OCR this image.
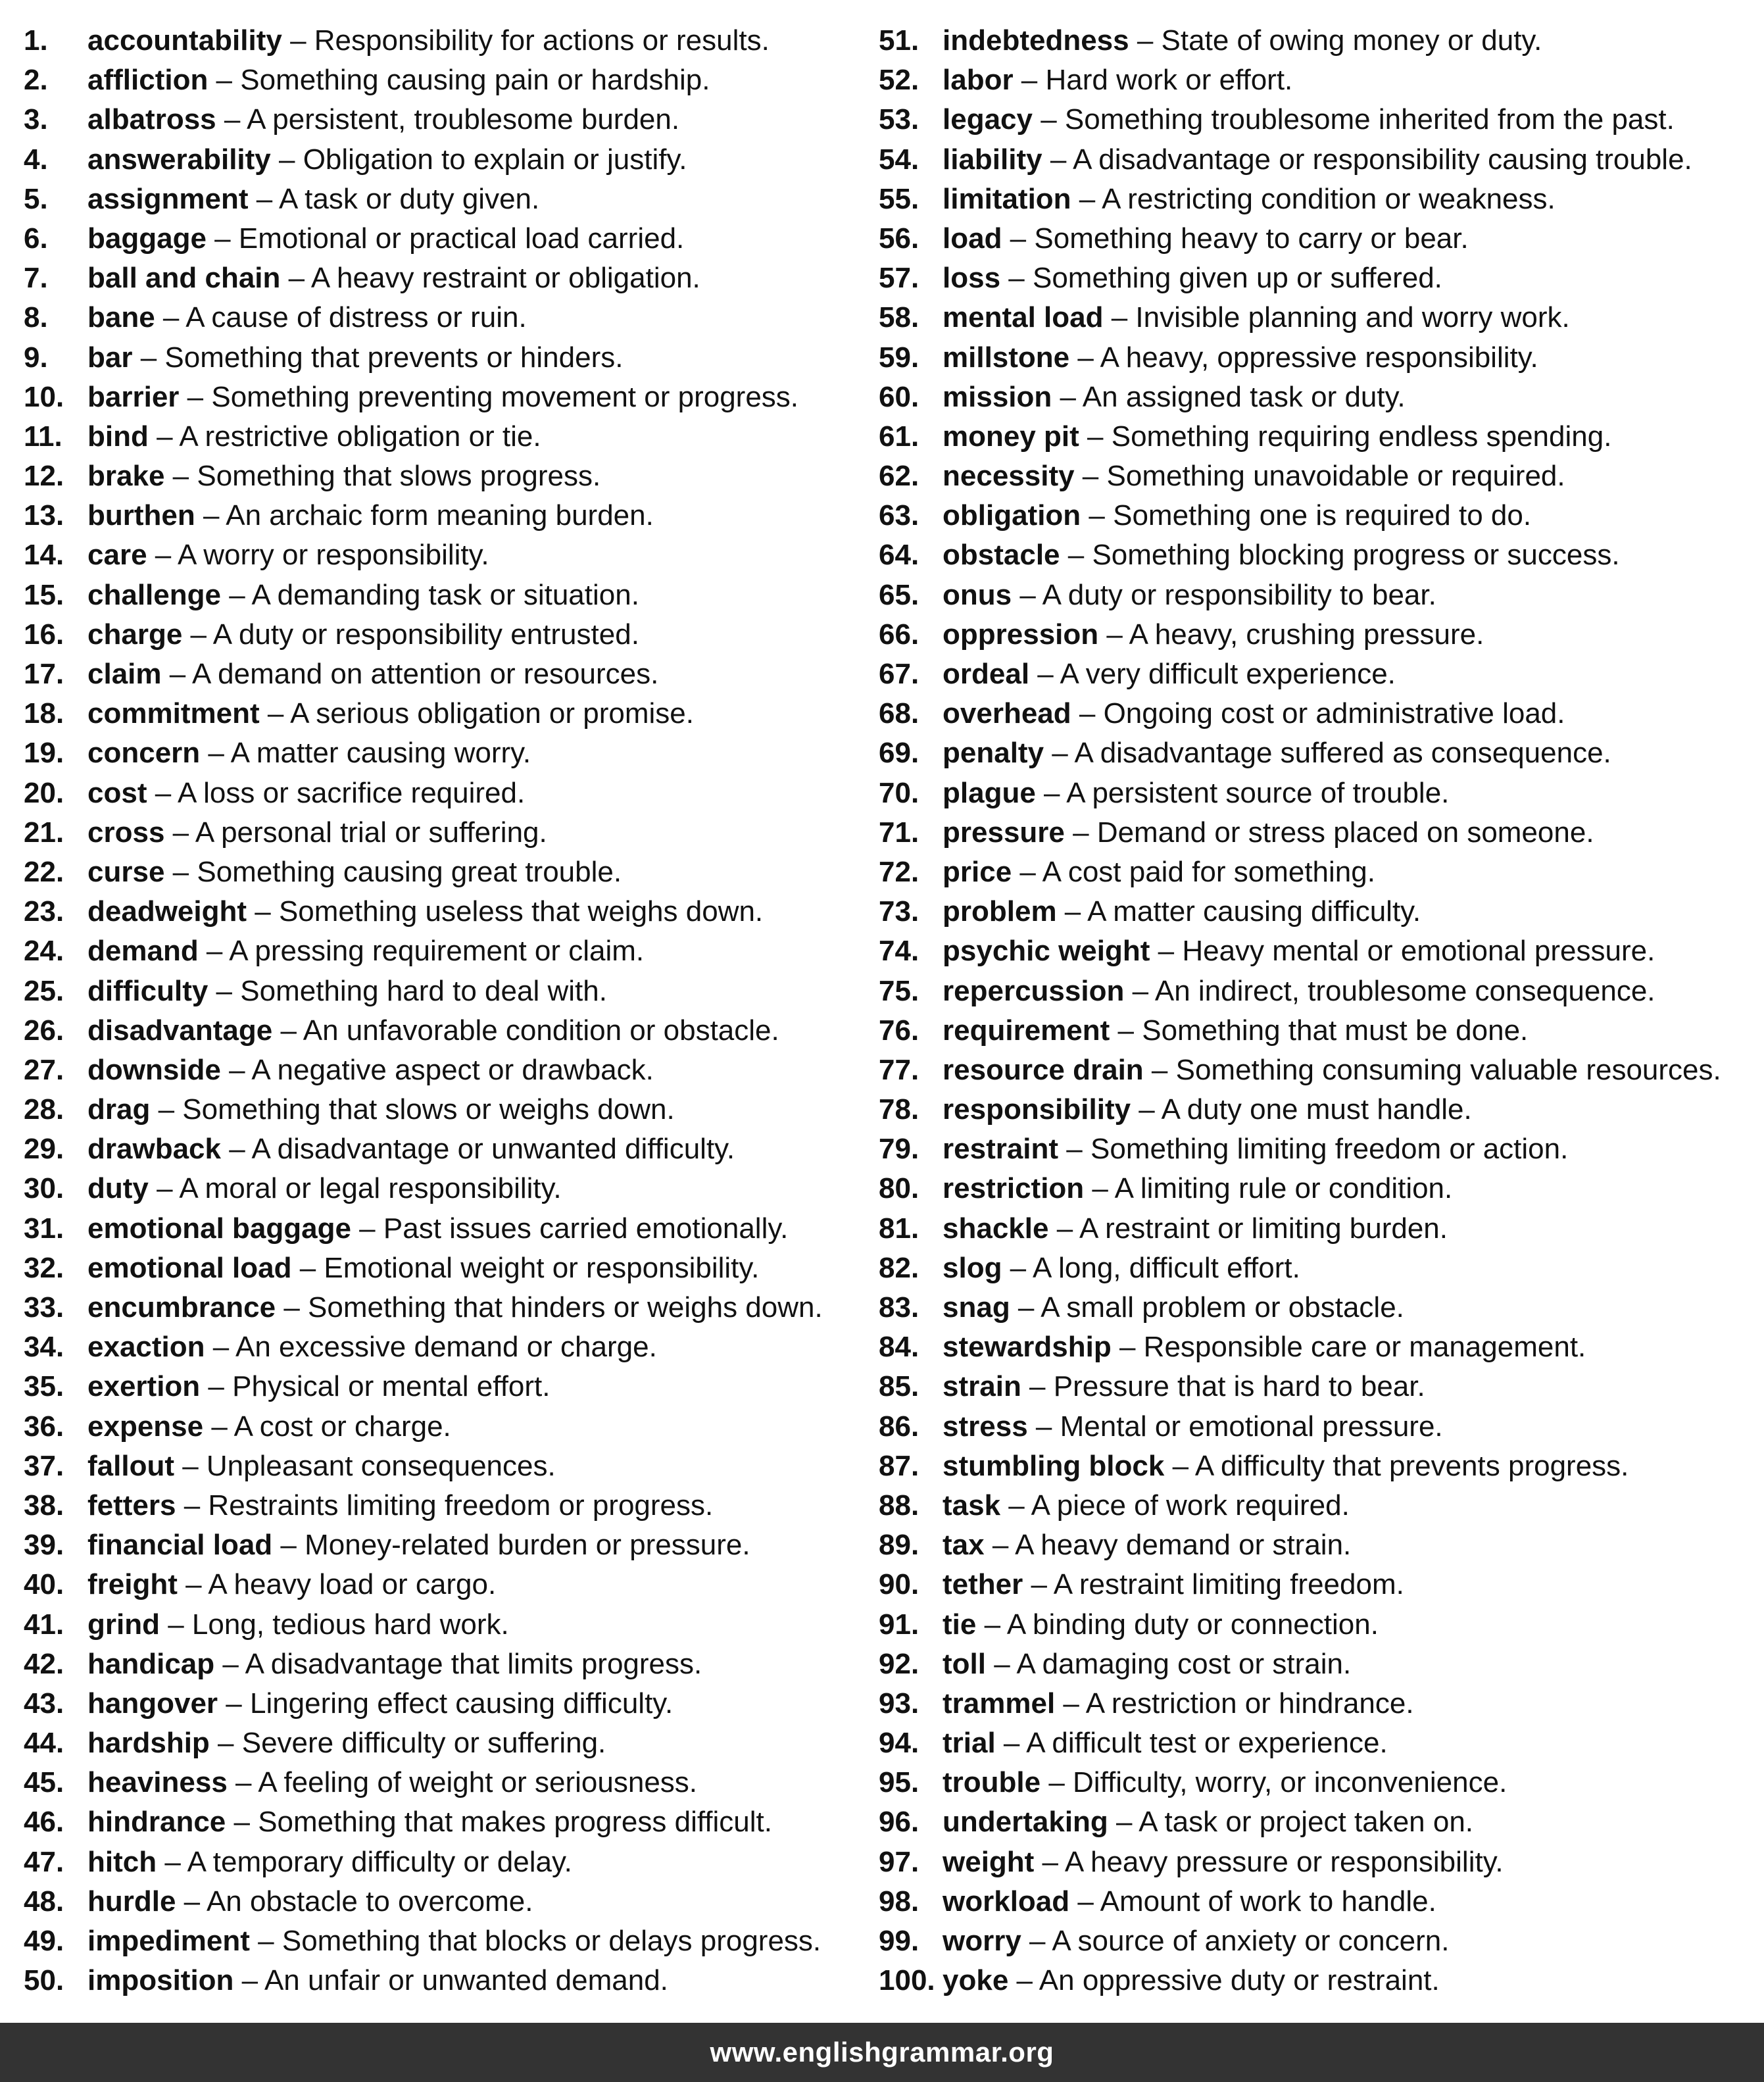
1.	accountability – Responsibility for actions or results.
2.	affliction – Something causing pain or hardship.
3.	albatross – A persistent, troublesome burden.
4.	answerability – Obligation to explain or justify.
5.	assignment – A task or duty given.
6.	baggage – Emotional or practical load carried.
7.	ball and chain – A heavy restraint or obligation.
8.	bane – A cause of distress or ruin.
9.	bar – Something that prevents or hinders.
10. barrier – Something preventing movement or progress.
11. bind – A restrictive obligation or tie.
12. brake – Something that slows progress.
13. burthen – An archaic form meaning burden.
14. care – A worry or responsibility.
15. challenge – A demanding task or situation.
16. charge – A duty or responsibility entrusted.
17. claim – A demand on attention or resources.
18. commitment – A serious obligation or promise.
19. concern – A matter causing worry.
20. cost – A loss or sacrifice required.
21. cross – A personal trial or suffering.
22. curse – Something causing great trouble.
23. deadweight – Something useless that weighs down.
24. demand – A pressing requirement or claim.
25. difficulty – Something hard to deal with.
26. disadvantage – An unfavorable condition or obstacle.
27. downside – A negative aspect or drawback.
28. drag – Something that slows or weighs down.
29. drawback – A disadvantage or unwanted difficulty.
30. duty – A moral or legal responsibility.
31. emotional baggage – Past issues carried emotionally.
32. emotional load – Emotional weight or responsibility.
33. encumbrance – Something that hinders or weighs down.
34. exaction – An excessive demand or charge.
35. exertion – Physical or mental effort.
36. expense – A cost or charge.
37. fallout – Unpleasant consequences.
38. fetters – Restraints limiting freedom or progress.
39. financial load – Money-related burden or pressure.
40. freight – A heavy load or cargo.
41. grind – Long, tedious hard work.
42. handicap – A disadvantage that limits progress.
43. hangover – Lingering effect causing difficulty.
44. hardship – Severe difficulty or suffering.
45. heaviness – A feeling of weight or seriousness.
46. hindrance – Something that makes progress difficult.
47. hitch – A temporary difficulty or delay.
48. hurdle – An obstacle to overcome.
49. impediment – Something that blocks or delays progress.
50. imposition – An unfair or unwanted demand.
51. indebtedness – State of owing money or duty.
52. labor – Hard work or effort.
53. legacy – Something troublesome inherited from the past.
54. liability – A disadvantage or responsibility causing trouble.
55. limitation – A restricting condition or weakness.
56. load – Something heavy to carry or bear.
57. loss – Something given up or suffered.
58. mental load – Invisible planning and worry work.
59. millstone – A heavy, oppressive responsibility.
60. mission – An assigned task or duty.
61. money pit – Something requiring endless spending.
62. necessity – Something unavoidable or required.
63. obligation – Something one is required to do.
64. obstacle – Something blocking progress or success.
65. onus – A duty or responsibility to bear.
66. oppression – A heavy, crushing pressure.
67. ordeal – A very difficult experience.
68. overhead – Ongoing cost or administrative load.
69. penalty – A disadvantage suffered as consequence.
70. plague – A persistent source of trouble.
71. pressure – Demand or stress placed on someone.
72. price – A cost paid for something.
73. problem – A matter causing difficulty.
74. psychic weight – Heavy mental or emotional pressure.
75. repercussion – An indirect, troublesome consequence.
76. requirement – Something that must be done.
77. resource drain – Something consuming valuable resources.
78. responsibility – A duty one must handle.
79. restraint – Something limiting freedom or action.
80. restriction – A limiting rule or condition.
81. shackle – A restraint or limiting burden.
82. slog – A long, difficult effort.
83. snag – A small problem or obstacle.
84. stewardship – Responsible care or management.
85. strain – Pressure that is hard to bear.
86. stress – Mental or emotional pressure.
87. stumbling block – A difficulty that prevents progress.
88. task – A piece of work required.
89. tax – A heavy demand or strain.
90. tether – A restraint limiting freedom.
91. tie – A binding duty or connection.
92. toll – A damaging cost or strain.
93. trammel – A restriction or hindrance.
94. trial – A difficult test or experience.
95. trouble – Difficulty, worry, or inconvenience.
96. undertaking – A task or project taken on.
97. weight – A heavy pressure or responsibility.
98. workload – Amount of work to handle.
99. worry – A source of anxiety or concern.
100. yoke – An oppressive duty or restraint.
www.englishgrammar.org
